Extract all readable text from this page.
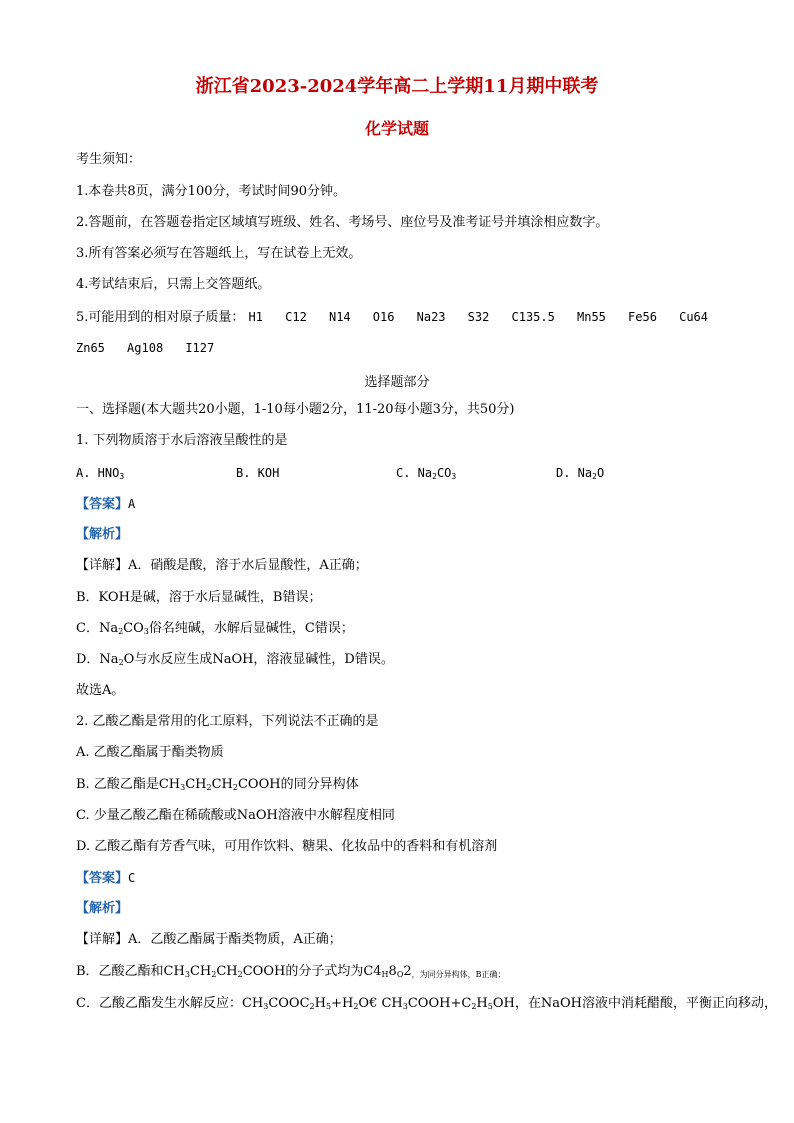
浙江省2023-2024学年高二上学期11月期中联考
化学试题
考生须知：
1.本卷共8页，满分100分，考试时间90分钟。
2.答题前，在答题卷指定区域填写班级、姓名、考场号、座位号及准考证号并填涂相应数字。
3.所有答案必须写在答题纸上，写在试卷上无效。
4.考试结束后，只需上交答题纸。
5.可能用到的相对原子质量： H1 C12 N14 O16 Na23 S32 C135.5 Mn55 Fe56 Cu64
Zn65 Ag108 I127
选择题部分
一、选择题(本大题共20小题，1-10每小题2分，11-20每小题3分，共50分)
1. 下列物质溶于水后溶液呈酸性的是
A. $HNO_3$	B. KOH	C. $Na_2CO_3$	D. $Na_2O$
【答案】A
【解析】
【详解】A．硝酸是酸，溶于水后显酸性，A正确；
B．KOH是碱，溶于水后显碱性，B错误；
C．$Na_2CO_3$俗名纯碱，水解后显碱性，C错误；
D．$Na_2O$与水反应生成NaOH，溶液显碱性，D错误。
故选A。
2. 乙酸乙酯是常用的化工原料，下列说法不正确的是
A. 乙酸乙酯属于酯类物质
B. 乙酸乙酯是$CH_3CH_2CH_2COOH$的同分异构体
C. 少量乙酸乙酯在稀硫酸或NaOH溶液中水解程度相同
D. 乙酸乙酯有芳香气味，可用作饮料、糖果、化妆品中的香料和有机溶剂
【答案】C
【解析】
【详解】A．乙酸乙酯属于酯类物质，A正确；
B．乙酸乙酯和$CH_3CH_2CH_2COOH$的分子式均为$C4_H8_O2_{,为同分异构体,B正确;}$
C．乙酸乙酯发生水解反应：$CH_3COOC_2H_5+H_2O€$ $CH_3COOH+C_2H_5OH$，在NaOH溶液中消耗醋酸，平衡正向移动，
